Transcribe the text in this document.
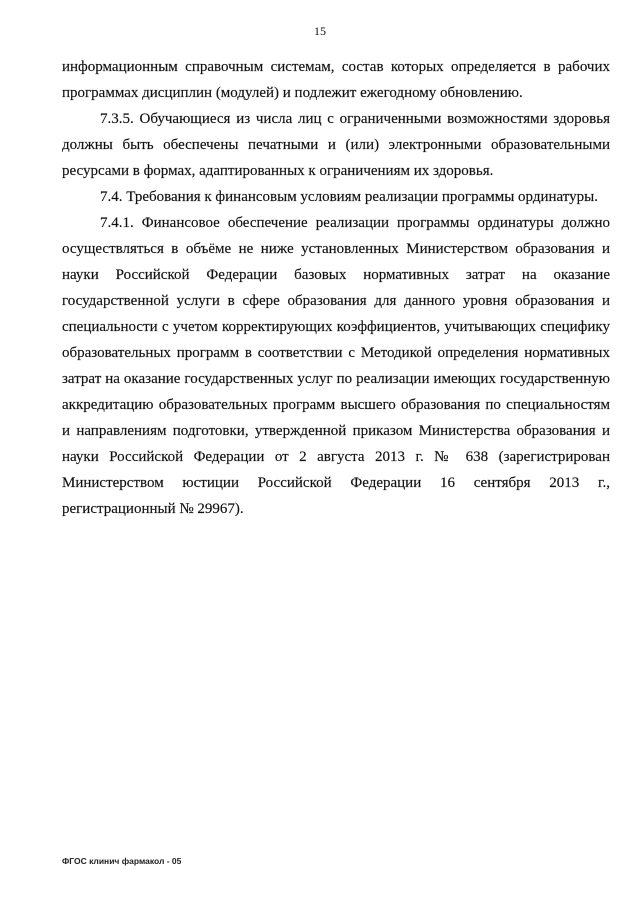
15

информационным справочным системам, состав которых определяется в рабочих программах дисциплин (модулей) и подлежит ежегодному обновлению.

7.3.5. Обучающиеся из числа лиц с ограниченными возможностями здоровья должны быть обеспечены печатными и (или) электронными образовательными ресурсами в формах, адаптированных к ограничениям их здоровья.

7.4. Требования к финансовым условиям реализации программы ординатуры.

7.4.1. Финансовое обеспечение реализации программы ординатуры должно осуществляться в объёме не ниже установленных Министерством образования и науки Российской Федерации базовых нормативных затрат на оказание государственной услуги в сфере образования для данного уровня образования и специальности с учетом корректирующих коэффициентов, учитывающих специфику образовательных программ в соответствии с Методикой определения нормативных затрат на оказание государственных услуг по реализации имеющих государственную аккредитацию образовательных программ высшего образования по специальностям и направлениям подготовки, утвержденной приказом Министерства образования и науки Российской Федерации от 2 августа 2013 г. № 638 (зарегистрирован Министерством юстиции Российской Федерации 16 сентября 2013 г., регистрационный № 29967).

ФГОС клинич фармакол - 05
